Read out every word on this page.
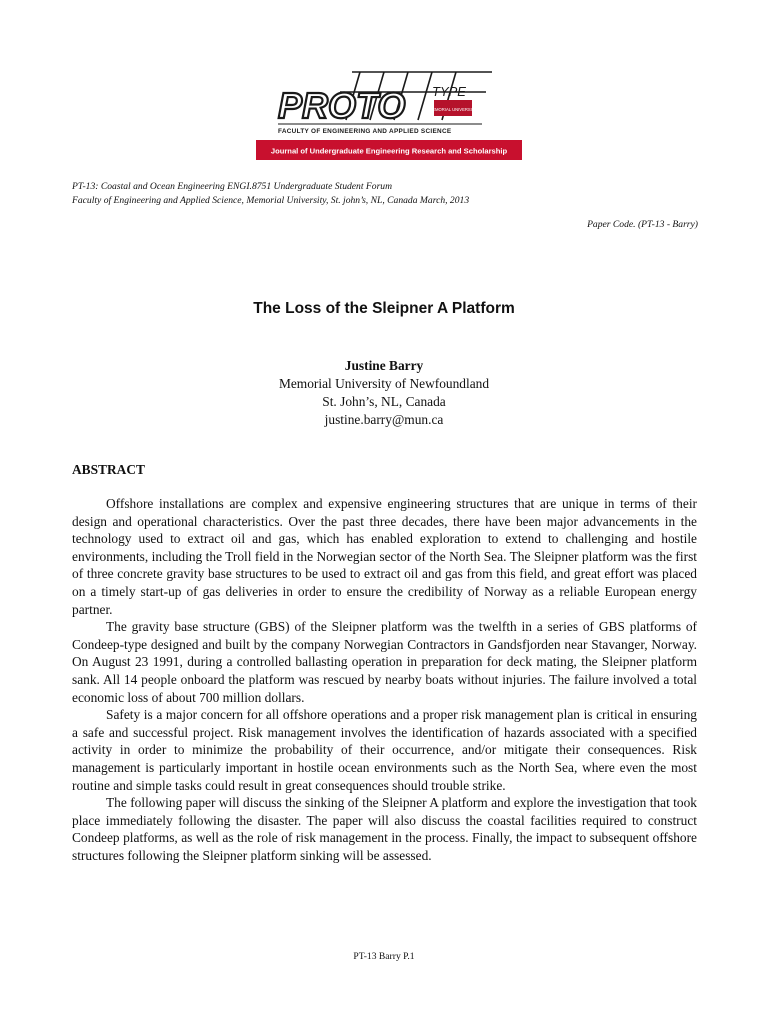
PROTO TYPE
MEMORIAL UNIVERSITY
FACULTY OF ENGINEERING AND APPLIED SCIENCE
Journal of Undergraduate Engineering Research and Scholarship
PT-13: Coastal and Ocean Engineering ENGI.8751 Undergraduate Student Forum
Faculty of Engineering and Applied Science, Memorial University, St. john’s, NL, Canada March, 2013
Paper Code. (PT-13 - Barry)
The Loss of the Sleipner A Platform
Justine Barry
Memorial University of Newfoundland
St. John’s, NL, Canada
justine.barry@mun.ca
ABSTRACT

Offshore installations are complex and expensive engineering structures that are unique in terms of their design and operational characteristics. Over the past three decades, there have been major advancements in the technology used to extract oil and gas, which has enabled exploration to extend to challenging and hostile environments, including the Troll field in the Norwegian sector of the North Sea. The Sleipner platform was the first of three concrete gravity base structures to be used to extract oil and gas from this field, and great effort was placed on a timely start-up of gas deliveries in order to ensure the credibility of Norway as a reliable European energy partner.

The gravity base structure (GBS) of the Sleipner platform was the twelfth in a series of GBS platforms of Condeep-type designed and built by the company Norwegian Contractors in Gandsfjorden near Stavanger, Norway. On August 23 1991, during a controlled ballasting operation in preparation for deck mating, the Sleipner platform sank. All 14 people onboard the platform was rescued by nearby boats without injuries. The failure involved a total economic loss of about 700 million dollars.

Safety is a major concern for all offshore operations and a proper risk management plan is critical in ensuring a safe and successful project. Risk management involves the identification of hazards associated with a specified activity in order to minimize the probability of their occurrence, and/or mitigate their consequences. Risk management is particularly important in hostile ocean environments such as the North Sea, where even the most routine and simple tasks could result in great consequences should trouble strike.

The following paper will discuss the sinking of the Sleipner A platform and explore the investigation that took place immediately following the disaster. The paper will also discuss the coastal facilities required to construct Condeep platforms, as well as the role of risk management in the process. Finally, the impact to subsequent offshore structures following the Sleipner platform sinking will be assessed.

PT-13 Barry P.1
